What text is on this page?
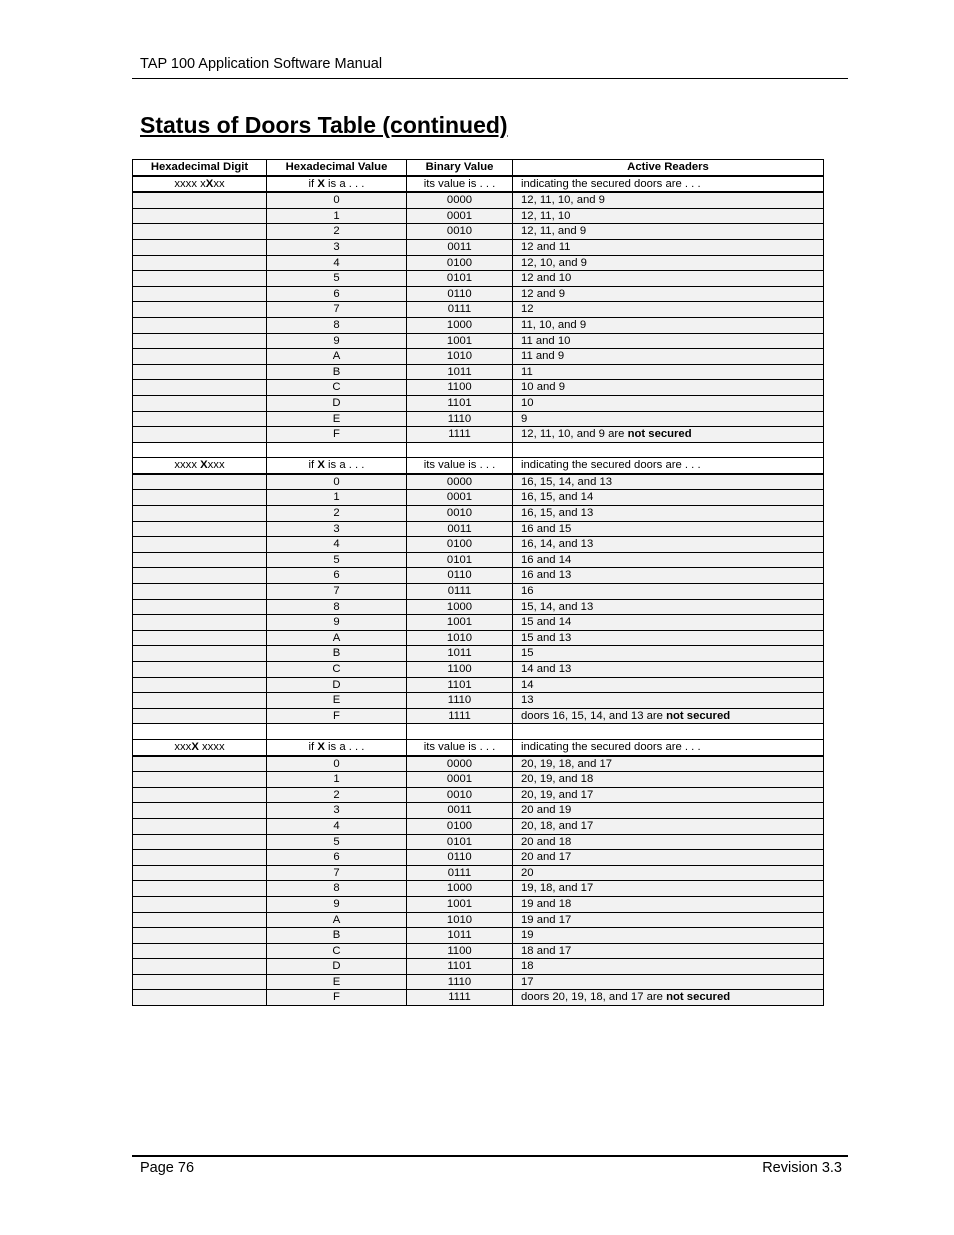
TAP 100 Application Software Manual
Status of Doors Table (continued)
Hexadecimal Digit	Hexadecimal Value	Binary Value	Active Readers
xxxx xXxx	if X is a . . .	its value is . . .	indicating the secured doors are . . .
	0	0000	12, 11, 10, and 9
	1	0001	12, 11, 10
	2	0010	12, 11, and 9
	3	0011	12 and 11
	4	0100	12, 10, and 9
	5	0101	12 and 10
	6	0110	12 and 9
	7	0111	12
	8	1000	11, 10, and 9
	9	1001	11 and 10
	A	1010	11 and 9
	B	1011	11
	C	1100	10 and 9
	D	1101	10
	E	1110	9
	F	1111	12, 11, 10, and 9 are not secured

xxxx Xxxx	if X is a . . .	its value is . . .	indicating the secured doors are . . .
	0	0000	16, 15, 14, and 13
	1	0001	16, 15, and 14
	2	0010	16, 15, and 13
	3	0011	16 and 15
	4	0100	16, 14, and 13
	5	0101	16 and 14
	6	0110	16 and 13
	7	0111	16
	8	1000	15, 14, and 13
	9	1001	15 and 14
	A	1010	15 and 13
	B	1011	15
	C	1100	14 and 13
	D	1101	14
	E	1110	13
	F	1111	doors 16, 15, 14, and 13 are not secured

xxxX xxxx	if X is a . . .	its value is . . .	indicating the secured doors are . . .
	0	0000	20, 19, 18, and 17
	1	0001	20, 19, and 18
	2	0010	20, 19, and 17
	3	0011	20 and 19
	4	0100	20, 18, and 17
	5	0101	20 and 18
	6	0110	20 and 17
	7	0111	20
	8	1000	19, 18, and 17
	9	1001	19 and 18
	A	1010	19 and 17
	B	1011	19
	C	1100	18 and 17
	D	1101	18
	E	1110	17
	F	1111	doors 20, 19, 18, and 17 are not secured
Page 76	Revision 3.3
